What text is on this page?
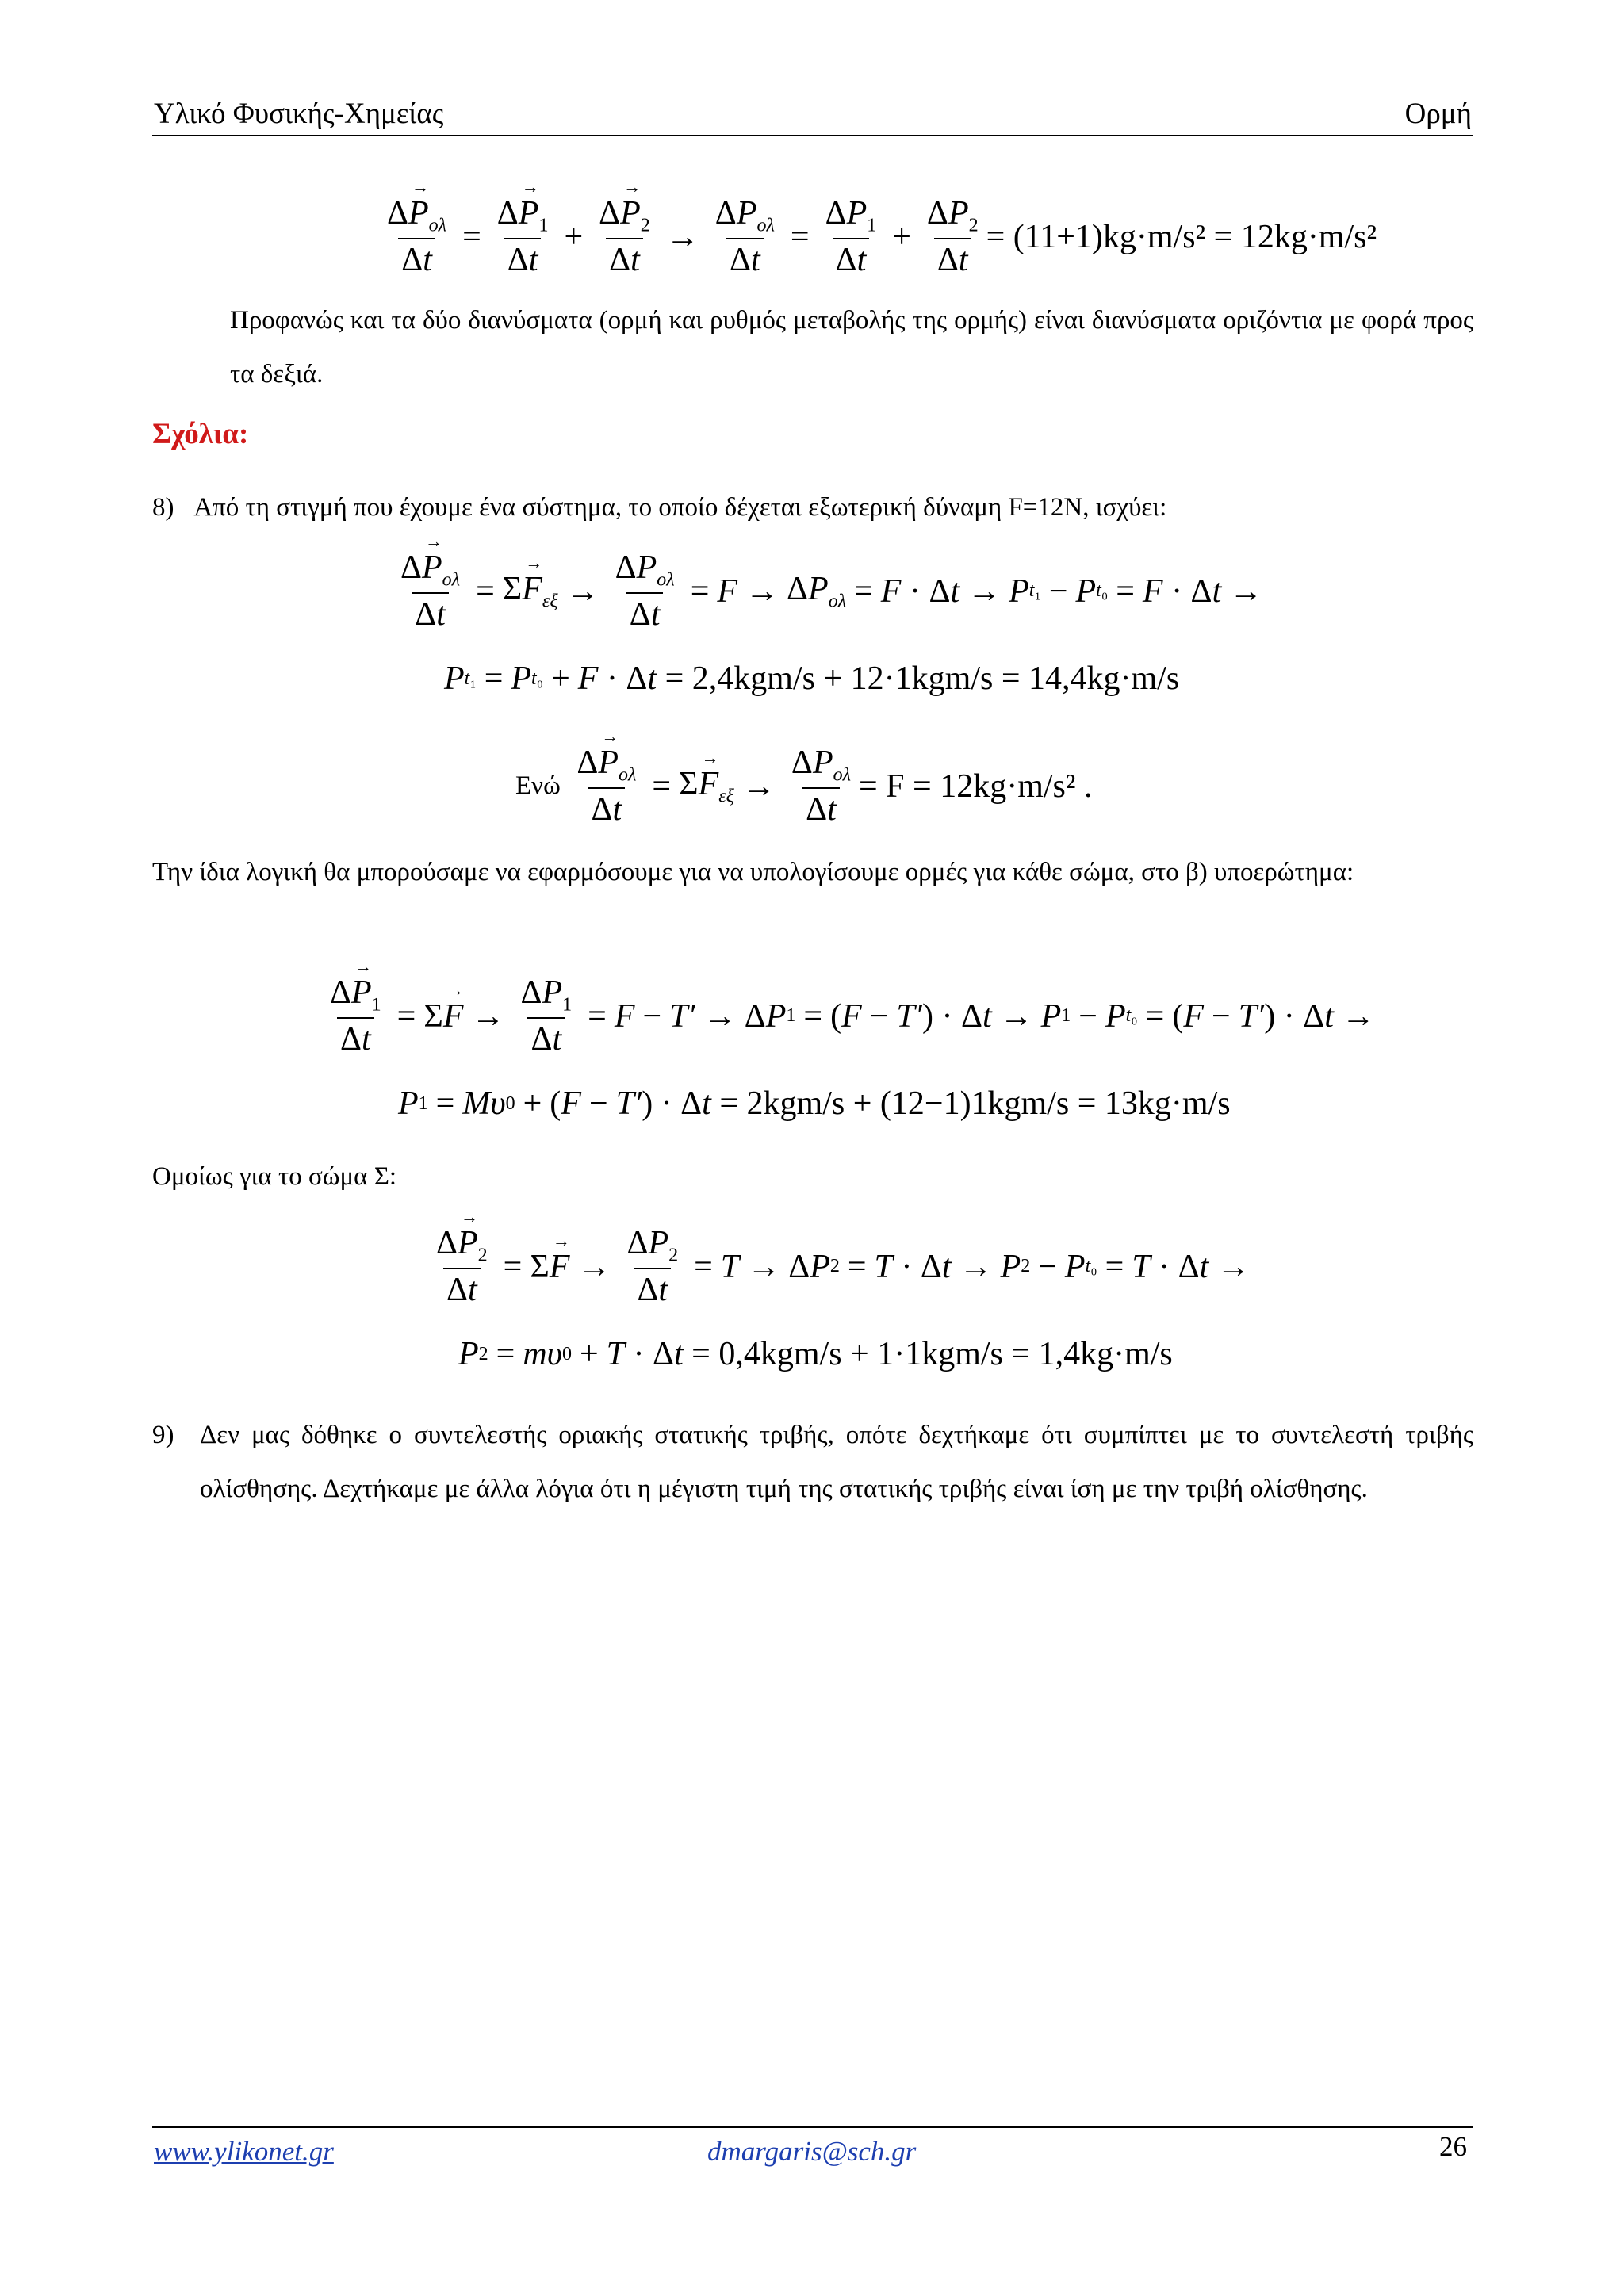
Υλικό Φυσικής-Χημείας	Ορμή
$\frac{\Delta\to P_{o\lambda}}{\Delta t} = \frac{\Delta\to P_1}{\Delta t} + \frac{\Delta\to P_2}{\Delta t} \to \frac{\Delta P_{o\lambda}}{\Delta t} = \frac{\Delta P_1}{\Delta t} + \frac{\Delta P_2}{\Delta t} = (11+1)kg\cdot m/s^2 = 12kg\cdot m/s^2$
Προφανώς και τα δύο διανύσματα (ορμή και ρυθμός μεταβολής της ορμής) είναι διανύσματα οριζόντια με φορά προς τα δεξιά.
Σχόλια:
8) Από τη στιγμή που έχουμε ένα σύστημα, το οποίο δέχεται εξωτερική δύναμη F=12N, ισχύει:
$\frac{\Delta\to P_{o\lambda}}{\Delta t} = \Sigma\to F_{\varepsilon\xi} \to \frac{\Delta P_{o\lambda}}{\Delta t} = F \to \Delta P_{o\lambda} = F \cdot \Delta$ t → P t₁ − P t₀ = F · Δ t →
P t₁ = P t₀ + F · Δ t
= 2,4kgm/s + 12·1kgm/s = 14,4kg·m/s
Ενώ
$\frac{\Delta\to P_{o\lambda}}{\Delta t} = \Sigma\to F_{\varepsilon\xi} \to \frac{\Delta P_{o\lambda}}{\Delta t} = F = 12kg\cdot m/s^2$ .
Την ίδια λογική θα μπορούσαμε να εφαρμόσουμε για να υπολογίσουμε ορμές για κάθε σώμα, στο β) υποερώτημα:
$\frac{\Delta\to P_1}{\Delta t} = \Sigma\to F \to \frac{\Delta P_1}{\Delta t} = F - T' \to \Delta$ P 1 = ( F − T′ ) · Δ t → P 1 − P t₀ = ( F − T′ ) · Δ t →
P 1 = Mυ 0 + ( F − T′ ) · Δ t
= 2kgm/s + (12−1)1kgm/s = 13kg·m/s
Ομοίως για το σώμα Σ:
$\frac{\Delta\to P_2}{\Delta t} = \Sigma\to F \to \frac{\Delta P_2}{\Delta t} = T \to \Delta$ P 2 = T · Δ t → P 2 − P t₀ = T · Δ t →
P 2 = mυ 0 + T · Δ t
= 0,4kgm/s + 1·1kgm/s = 1,4kg·m/s
9) Δεν μας δόθηκε ο συντελεστής οριακής στατικής τριβής, οπότε δεχτήκαμε ότι συμπίπτει με το συντελεστή τριβής ολίσθησης. Δεχτήκαμε με άλλα λόγια ότι η μέγιστη τιμή της στατικής τριβής είναι ίση με την τριβή ολίσθησης.
www.ylikonet.gr	dmargaris@sch.gr	26
